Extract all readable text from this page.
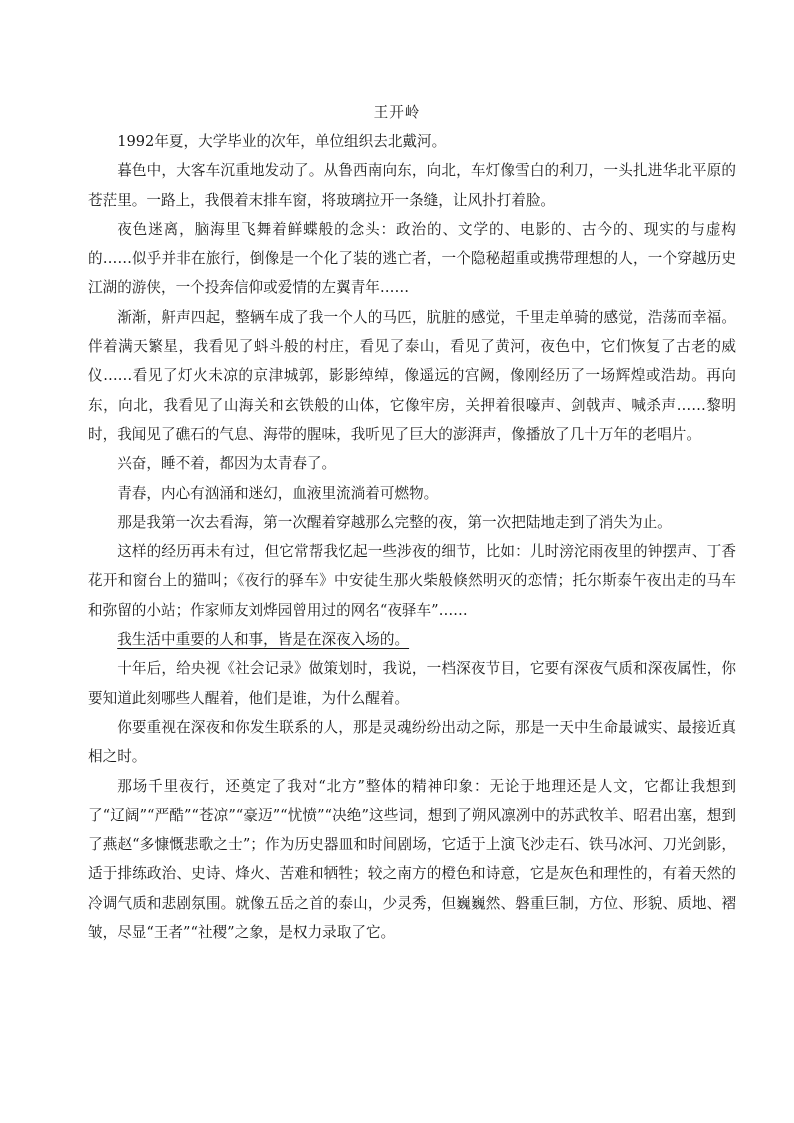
王开岭

1992年夏，大学毕业的次年，单位组织去北戴河。

暮色中，大客车沉重地发动了。从鲁西南向东，向北，车灯像雪白的利刀，一头扎进华北平原的苍茫里。一路上，我偎着末排车窗，将玻璃拉开一条缝，让风扑打着脸。

夜色迷离，脑海里飞舞着鲜蝶般的念头：政治的、文学的、电影的、古今的、现实的与虚构的……似乎并非在旅行，倒像是一个化了装的逃亡者，一个隐秘超重或携带理想的人，一个穿越历史江湖的游侠，一个投奔信仰或爱情的左翼青年……

渐渐，鼾声四起，整辆车成了我一个人的马匹，肮脏的感觉，千里走单骑的感觉，浩荡而幸福。伴着满天繁星，我看见了蚪斗般的村庄，看见了泰山，看见了黄河，夜色中，它们恢复了古老的威仪……看见了灯火未凉的京津城郭，影影绰绰，像遥远的宫阙，像刚经历了一场辉煌或浩劫。再向东，向北，我看见了山海关和玄铁般的山体，它像牢房，关押着很嚎声、剑戟声、喊杀声……黎明时，我闻见了礁石的气息、海带的腥味，我听见了巨大的澎湃声，像播放了几十万年的老唱片。

兴奋，睡不着，都因为太青春了。

青春，内心有汹涌和迷幻，血液里流淌着可燃物。

那是我第一次去看海，第一次醒着穿越那么完整的夜，第一次把陆地走到了消失为止。

这样的经历再未有过，但它常帮我忆起一些涉夜的细节，比如：儿时滂沱雨夜里的钟摆声、丁香花开和窗台上的猫叫；《夜行的驿车》中安徒生那火柴般倏然明灭的恋情；托尔斯泰午夜出走的马车和弥留的小站；作家师友刘烨园曾用过的网名“夜驿车”……

我生活中重要的人和事，皆是在深夜入场的。

十年后，给央视《社会记录》做策划时，我说，一档深夜节目，它要有深夜气质和深夜属性，你要知道此刻哪些人醒着，他们是谁，为什么醒着。

你要重视在深夜和你发生联系的人，那是灵魂纷纷出动之际，那是一天中生命最诚实、最接近真相之时。

那场千里夜行，还奠定了我对“北方”整体的精神印象：无论于地理还是人文，它都让我想到了“辽阔”“严酷”“苍凉”“豪迈”“忧愤”“决绝”这些词，想到了朔风凛冽中的苏武牧羊、昭君出塞，想到了燕赵“多慷慨悲歌之士”；作为历史器皿和时间剧场，它适于上演飞沙走石、铁马冰河、刀光剑影，适于排练政治、史诗、烽火、苦难和牺牲；较之南方的橙色和诗意，它是灰色和理性的，有着天然的冷调气质和悲剧氛围。就像五岳之首的泰山，少灵秀，但巍巍然、磐重巨制，方位、形貌、质地、褶皱，尽显“王者”“社稷”之象，是权力录取了它。
